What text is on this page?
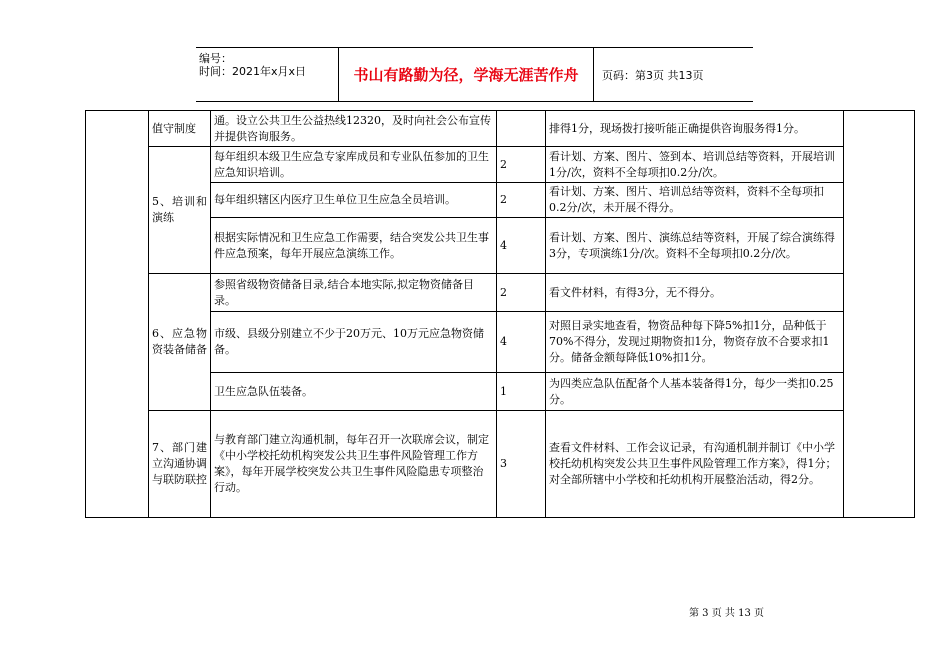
编号：
时间：2021年x月x日	书山有路勤为径，学海无涯苦作舟	页码：第3页 共13页
	值守制度	通。设立公共卫生公益热线12320，及时向社会公布宣传并提供咨询服务。		排得1分，现场拨打接听能正确提供咨询服务得1分。	
	5、培训和演练	每年组织本级卫生应急专家库成员和专业队伍参加的卫生应急知识培训。	2	看计划、方案、图片、签到本、培训总结等资料，开展培训1分/次，资料不全每项扣0.2分/次。	
		每年组织辖区内医疗卫生单位卫生应急全员培训。	2	看计划、方案、图片、培训总结等资料，资料不全每项扣0.2分/次，未开展不得分。	
		根据实际情况和卫生应急工作需要，结合突发公共卫生事件应急预案，每年开展应急演练工作。	4	看计划、方案、图片、演练总结等资料，开展了综合演练得3分，专项演练1分/次。资料不全每项扣0.2分/次。	
	6、应急物资装备储备	参照省级物资储备目录,结合本地实际,拟定物资储备目录。	2	看文件材料，有得3分，无不得分。	
		市级、县级分别建立不少于20万元、10万元应急物资储备。	4	对照目录实地查看，物资品种每下降5%扣1分，品种低于70%不得分，发现过期物资扣1分，物资存放不合要求扣1分。储备金额每降低10%扣1分。	
		卫生应急队伍装备。	1	为四类应急队伍配备个人基本装备得1分，每少一类扣0.25分。	
	7、部门建立沟通协调与联防联控	与教育部门建立沟通机制，每年召开一次联席会议，制定《中小学校托幼机构突发公共卫生事件风险管理工作方案》，每年开展学校突发公共卫生事件风险隐患专项整治行动。	3	查看文件材料、工作会议记录，有沟通机制并制订《中小学校托幼机构突发公共卫生事件风险管理工作方案》，得1分；对全部所辖中小学校和托幼机构开展整治活动，得2分。	
第 3 页 共 13 页
